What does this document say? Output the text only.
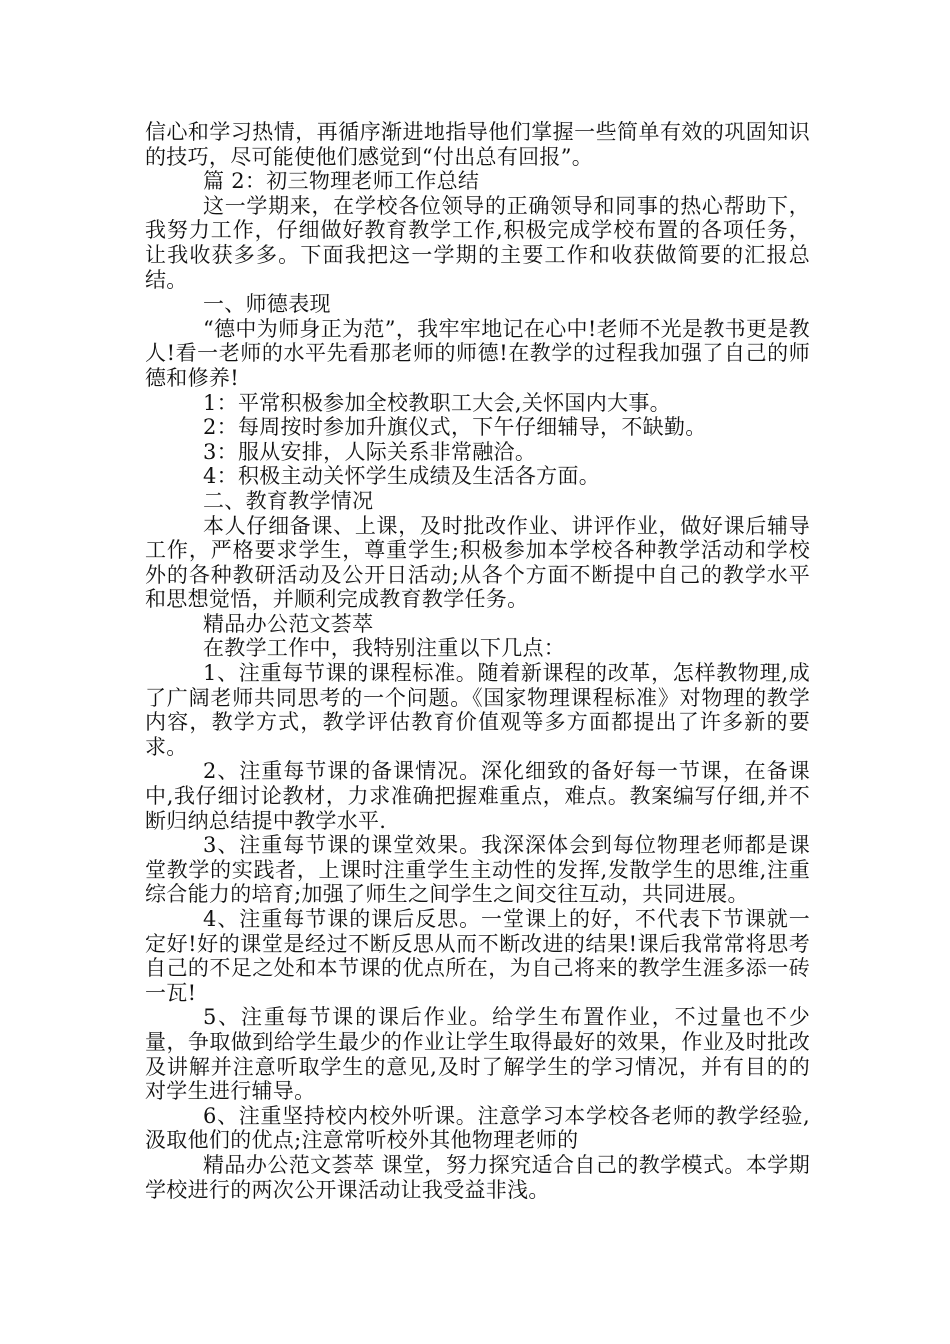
信心和学习热情，再循序渐进地指导他们掌握一些简单有效的巩固知识的技巧，尽可能使他们感觉到“付出总有回报”。

篇 2：初三物理老师工作总结

这一学期来，在学校各位领导的正确领导和同事的热心帮助下，我努力工作，仔细做好教育教学工作,积极完成学校布置的各项任务，让我收获多多。下面我把这一学期的主要工作和收获做简要的汇报总结。

一、师德表现

“德中为师身正为范”，我牢牢地记在心中!老师不光是教书更是教人!看一老师的水平先看那老师的师德!在教学的过程我加强了自己的师德和修养!

1：平常积极参加全校教职工大会,关怀国内大事。

2：每周按时参加升旗仪式，下午仔细辅导，不缺勤。

3：服从安排，人际关系非常融洽。

4：积极主动关怀学生成绩及生活各方面。

二、教育教学情况

本人仔细备课、上课，及时批改作业、讲评作业，做好课后辅导工作，严格要求学生，尊重学生;积极参加本学校各种教学活动和学校外的各种教研活动及公开日活动;从各个方面不断提中自己的教学水平和思想觉悟，并顺利完成教育教学任务。

精品办公范文荟萃

在教学工作中，我特别注重以下几点：

1、注重每节课的课程标准。随着新课程的改革，怎样教物理,成了广阔老师共同思考的一个问题。《国家物理课程标准》对物理的教学内容，教学方式，教学评估教育价值观等多方面都提出了许多新的要求。

2、注重每节课的备课情况。深化细致的备好每一节课，在备课中,我仔细讨论教材，力求准确把握难重点，难点。教案编写仔细,并不断归纳总结提中教学水平.

3、注重每节课的课堂效果。我深深体会到每位物理老师都是课堂教学的实践者，上课时注重学生主动性的发挥,发散学生的思维,注重综合能力的培育;加强了师生之间学生之间交往互动，共同进展。

4、注重每节课的课后反思。一堂课上的好，不代表下节课就一定好!好的课堂是经过不断反思从而不断改进的结果!课后我常常将思考自己的不足之处和本节课的优点所在，为自己将来的教学生涯多添一砖一瓦!

5、注重每节课的课后作业。给学生布置作业，不过量也不少量，争取做到给学生最少的作业让学生取得最好的效果，作业及时批改及讲解并注意听取学生的意见,及时了解学生的学习情况，并有目的的对学生进行辅导。

6、注重坚持校内校外听课。注意学习本学校各老师的教学经验,汲取他们的优点;注意常听校外其他物理老师的

精品办公范文荟萃 课堂，努力探究适合自己的教学模式。本学期学校进行的两次公开课活动让我受益非浅。
